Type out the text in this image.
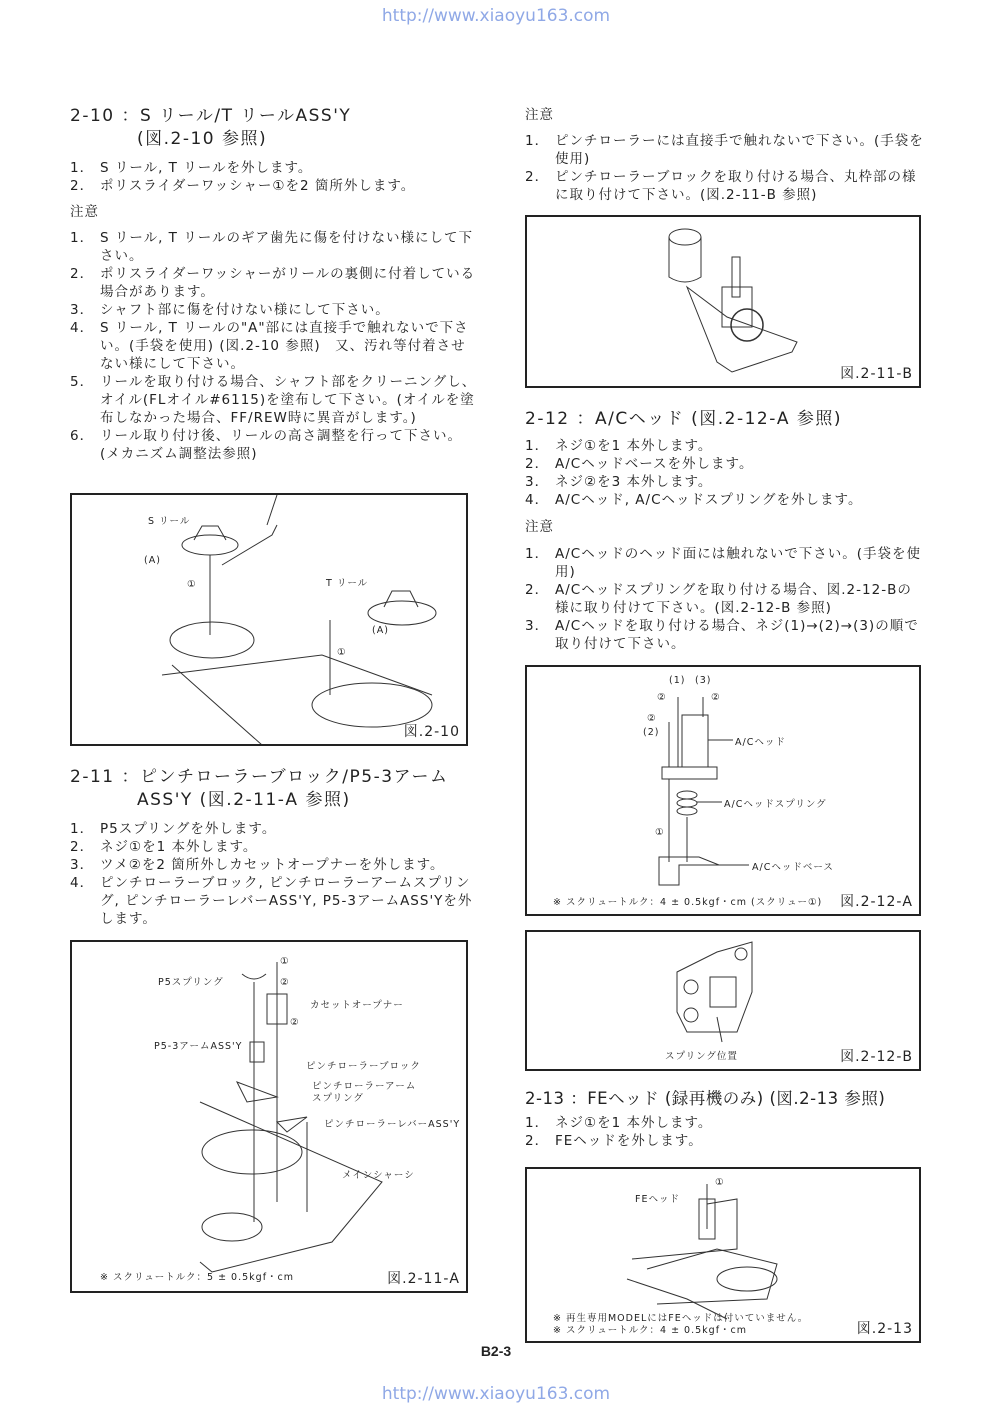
http://www.xiaoyu163.com
2-10 ：S リール/T リールASS'Y
(図.2-10 参照)
1． S リール, T リールを外します。
2． ポリスライダーワッシャー①を2 箇所外します。
注意
1． S リール, T リールのギア歯先に傷を付けない様にして下さい。
2． ポリスライダーワッシャーがリールの裏側に付着している場合があります。
3． シャフト部に傷を付けない様にして下さい。
4． S リール, T リールの"A"部には直接手で触れないで下さい。(手袋を使用) (図.2-10 参照)　又、汚れ等付着させない様にして下さい。
5． リールを取り付ける場合、シャフト部をクリーニングし、オイル(FLオイル#6115)を塗布して下さい。(オイルを塗布しなかった場合、FF/REW時に異音がします。)
6． リール取り付け後、リールの高さ調整を行って下さい。(メカニズム調整法参照)
S リール
(A)
①	T リール
(A)
①
図.2-10
2-11 ：ピンチローラーブロック/P5-3アーム
ASS'Y (図.2-11-A 参照)
1． P5スプリングを外します。
2． ネジ①を1 本外します。
3． ツメ②を2 箇所外しカセットオープナーを外します。
4． ピンチローラーブロック, ピンチローラーアームスプリング, ピンチローラーレバーASS'Y, P5-3アームASS'Yを外します。
①
②
②
P5スプリング
カセットオープナー
P5-3アームASS'Y
ピンチローラーブロック
ピンチローラーアーム
スプリング
ピンチローラーレバーASS'Y
メインシャーシ
※ スクリュートルク：5 ± 0.5kgf・cm	図.2-11-A
注意
1． ピンチローラーには直接手で触れないで下さい。(手袋を使用)
2． ピンチローラーブロックを取り付ける場合、丸枠部の様に取り付けて下さい。(図.2-11-B 参照)
図.2-11-B
2-12 ：A/Cヘッド (図.2-12-A 参照)
1． ネジ①を1 本外します。
2． A/Cヘッドベースを外します。
3． ネジ②を3 本外します。
4． A/Cヘッド, A/Cヘッドスプリングを外します。
注意
1． A/Cヘッドのヘッド面には触れないで下さい。(手袋を使用)
2． A/Cヘッドスプリングを取り付ける場合、図.2-12-Bの様に取り付けて下さい。(図.2-12-B 参照)
3． A/Cヘッドを取り付ける場合、ネジ(1)→(2)→(3)の順で取り付けて下さい。
(1) (3)
②	②
②
(2)
A/Cヘッド
A/Cヘッドスプリング
①
A/Cヘッドベース
※ スクリュートルク：4 ± 0.5kgf・cm (スクリュー①) 図.2-12-A
スプリング位置	図.2-12-B
2-13 ：FEヘッド (録再機のみ) (図.2-13 参照)
1． ネジ①を1 本外します。
2． FEヘッドを外します。
FEヘッド
①
※ 再生専用MODELにはFEヘッドは付いていません。
※ スクリュートルク：4 ± 0.5kgf・cm	図.2-13
B2-3
http://www.xiaoyu163.com
